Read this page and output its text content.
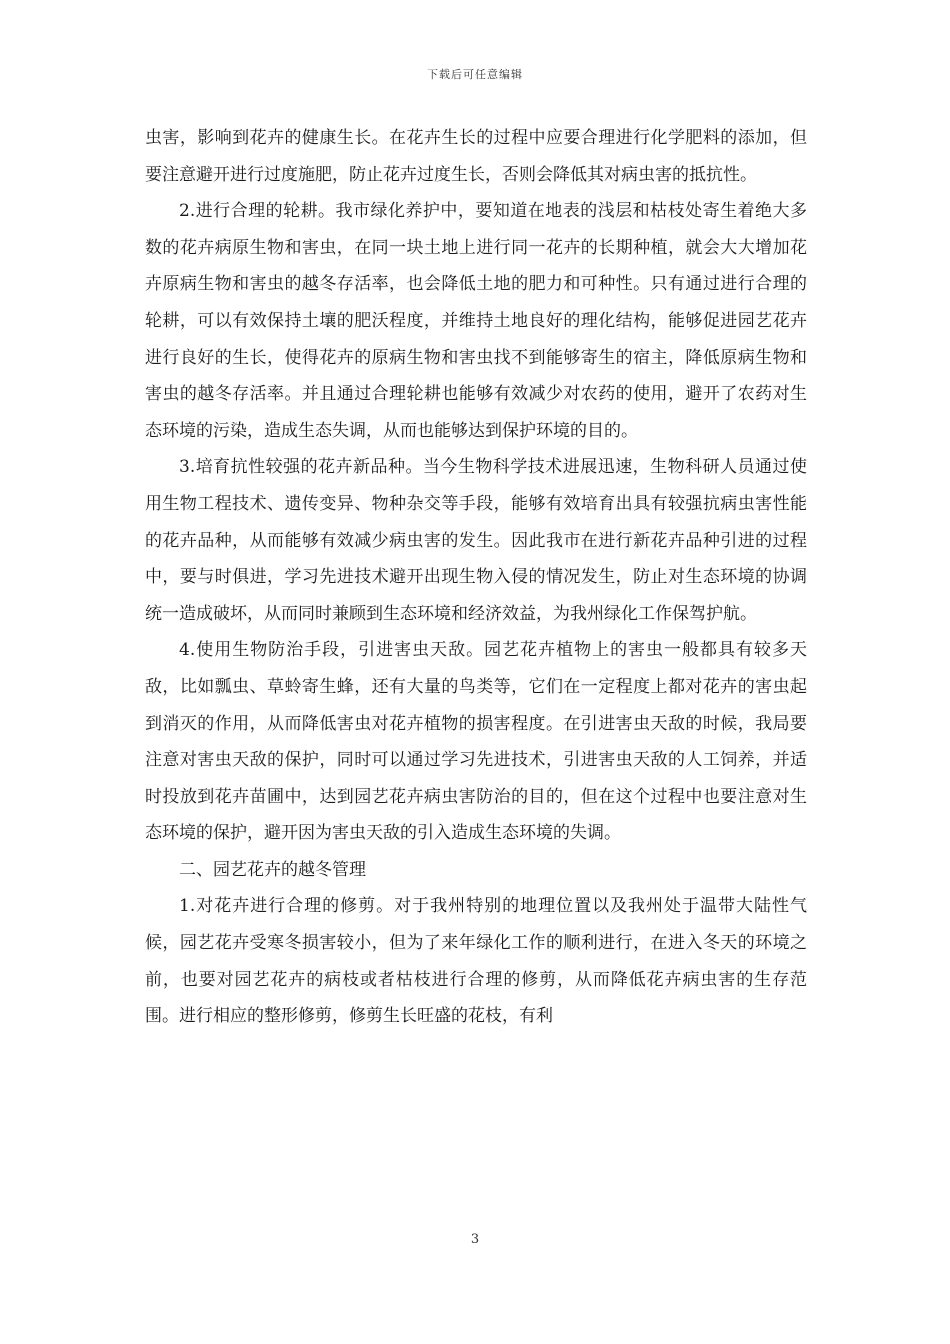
下载后可任意编辑

虫害，影响到花卉的健康生长。在花卉生长的过程中应要合理进行化学肥料的添加，但要注意避开进行过度施肥，防止花卉过度生长，否则会降低其对病虫害的抵抗性。

2.进行合理的轮耕。我市绿化养护中，要知道在地表的浅层和枯枝处寄生着绝大多数的花卉病原生物和害虫，在同一块土地上进行同一花卉的长期种植，就会大大增加花卉原病生物和害虫的越冬存活率，也会降低土地的肥力和可种性。只有通过进行合理的轮耕，可以有效保持土壤的肥沃程度，并维持土地良好的理化结构，能够促进园艺花卉进行良好的生长，使得花卉的原病生物和害虫找不到能够寄生的宿主，降低原病生物和害虫的越冬存活率。并且通过合理轮耕也能够有效减少对农药的使用，避开了农药对生态环境的污染，造成生态失调，从而也能够达到保护环境的目的。

3.培育抗性较强的花卉新品种。当今生物科学技术进展迅速，生物科研人员通过使用生物工程技术、遗传变异、物种杂交等手段，能够有效培育出具有较强抗病虫害性能的花卉品种，从而能够有效减少病虫害的发生。因此我市在进行新花卉品种引进的过程中，要与时俱进，学习先进技术避开出现生物入侵的情况发生，防止对生态环境的协调统一造成破坏，从而同时兼顾到生态环境和经济效益，为我州绿化工作保驾护航。

4.使用生物防治手段，引进害虫天敌。园艺花卉植物上的害虫一般都具有较多天敌，比如瓢虫、草蛉寄生蜂，还有大量的鸟类等，它们在一定程度上都对花卉的害虫起到消灭的作用，从而降低害虫对花卉植物的损害程度。在引进害虫天敌的时候，我局要注意对害虫天敌的保护，同时可以通过学习先进技术，引进害虫天敌的人工饲养，并适时投放到花卉苗圃中，达到园艺花卉病虫害防治的目的，但在这个过程中也要注意对生态环境的保护，避开因为害虫天敌的引入造成生态环境的失调。

二、园艺花卉的越冬管理

1.对花卉进行合理的修剪。对于我州特别的地理位置以及我州处于温带大陆性气候，园艺花卉受寒冬损害较小，但为了来年绿化工作的顺利进行，在进入冬天的环境之前，也要对园艺花卉的病枝或者枯枝进行合理的修剪，从而降低花卉病虫害的生存范围。进行相应的整形修剪，修剪生长旺盛的花枝，有利

3
